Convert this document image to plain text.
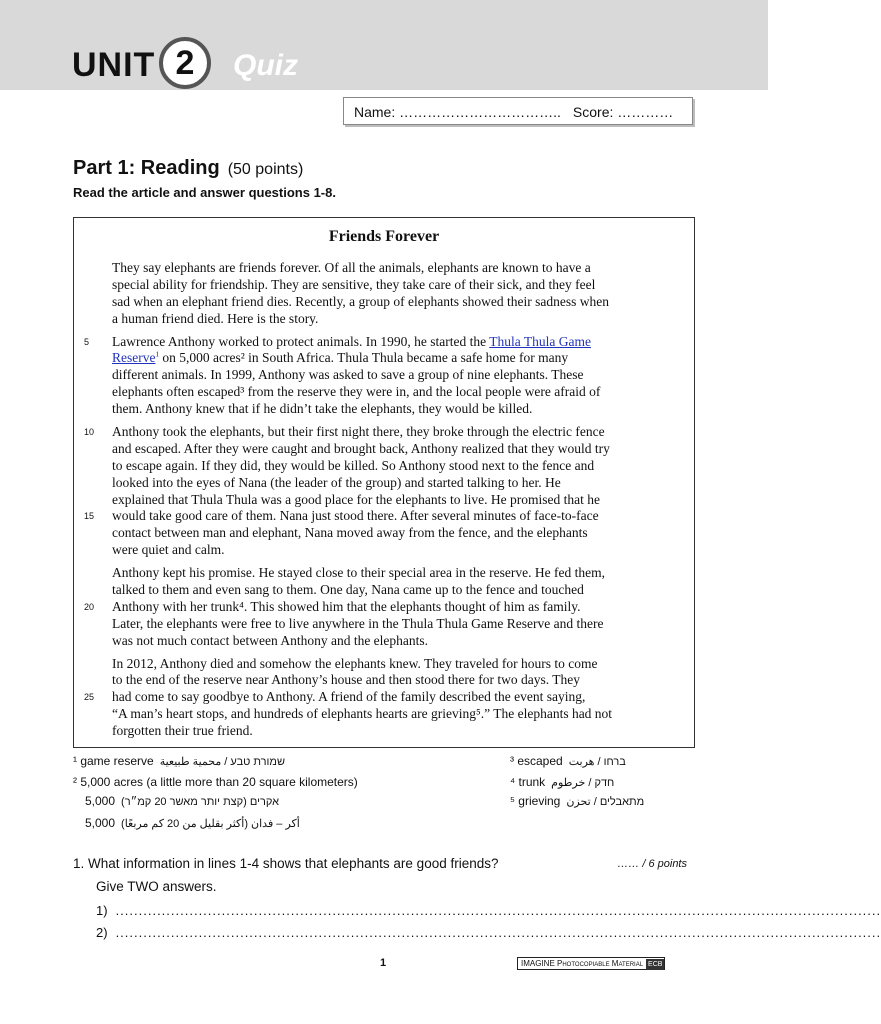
UNIT 2	Quiz
Name: …………………………….. Score: …………
Part 1: Reading (50 points)
Read the article and answer questions 1-8.
Friends Forever
They say elephants are friends forever. Of all the animals, elephants are known to have a
special ability for friendship. They are sensitive, they take care of their sick, and they feel
sad when an elephant friend dies. Recently, a group of elephants showed their sadness when
a human friend died. Here is the story.
5 Lawrence Anthony worked to protect animals. In 1990, he started the Thula Thula Game
Reserve$^1$ on 5,000 acres² in South Africa. Thula Thula became a safe home for many
different animals. In 1999, Anthony was asked to save a group of nine elephants. These
elephants often escaped³ from the reserve they were in, and the local people were afraid of
them. Anthony knew that if he didn’t take the elephants, they would be killed.
10 Anthony took the elephants, but their first night there, they broke through the electric fence
and escaped. After they were caught and brought back, Anthony realized that they would try
to escape again. If they did, they would be killed. So Anthony stood next to the fence and
looked into the eyes of Nana (the leader of the group) and started talking to her. He
explained that Thula Thula was a good place for the elephants to live. He promised that he
15 would take good care of them. Nana just stood there. After several minutes of face-to-face
contact between man and elephant, Nana moved away from the fence, and the elephants
were quiet and calm.
Anthony kept his promise. He stayed close to their special area in the reserve. He fed them,
talked to them and even sang to them. One day, Nana came up to the fence and touched
20 Anthony with her trunk⁴. This showed him that the elephants thought of him as family.
Later, the elephants were free to live anywhere in the Thula Thula Game Reserve and there
was not much contact between Anthony and the elephants.
In 2012, Anthony died and somehow the elephants knew. They traveled for hours to come
to the end of the reserve near Anthony’s house and then stood there for two days. They
25 had come to say goodbye to Anthony. A friend of the family described the event saying,
“A man’s heart stops, and hundreds of elephants hearts are grieving⁵.” The elephants had not
forgotten their true friend.
¹ game reserve שמורת טבע / محمية طبيعية
² 5,000 acres (a little more than 20 square kilometers)
5,000 אקרים (קצת יותר מאשר 20 קמ״ר)
5,000 أكر – فدان (أكثر بقليل من 20 كم مربعًا)
³ escaped ברחו / هربت
⁴ trunk חדק / خرطوم
⁵ grieving מתאבלים / تحزن
1. What information in lines 1-4 shows that elephants are good friends?	…… / 6 points
Give TWO answers.
1) ......................................................................................................................................................................
2) ......................................................................................................................................................................
1	IMAGINE Photocopiable Material ECB
